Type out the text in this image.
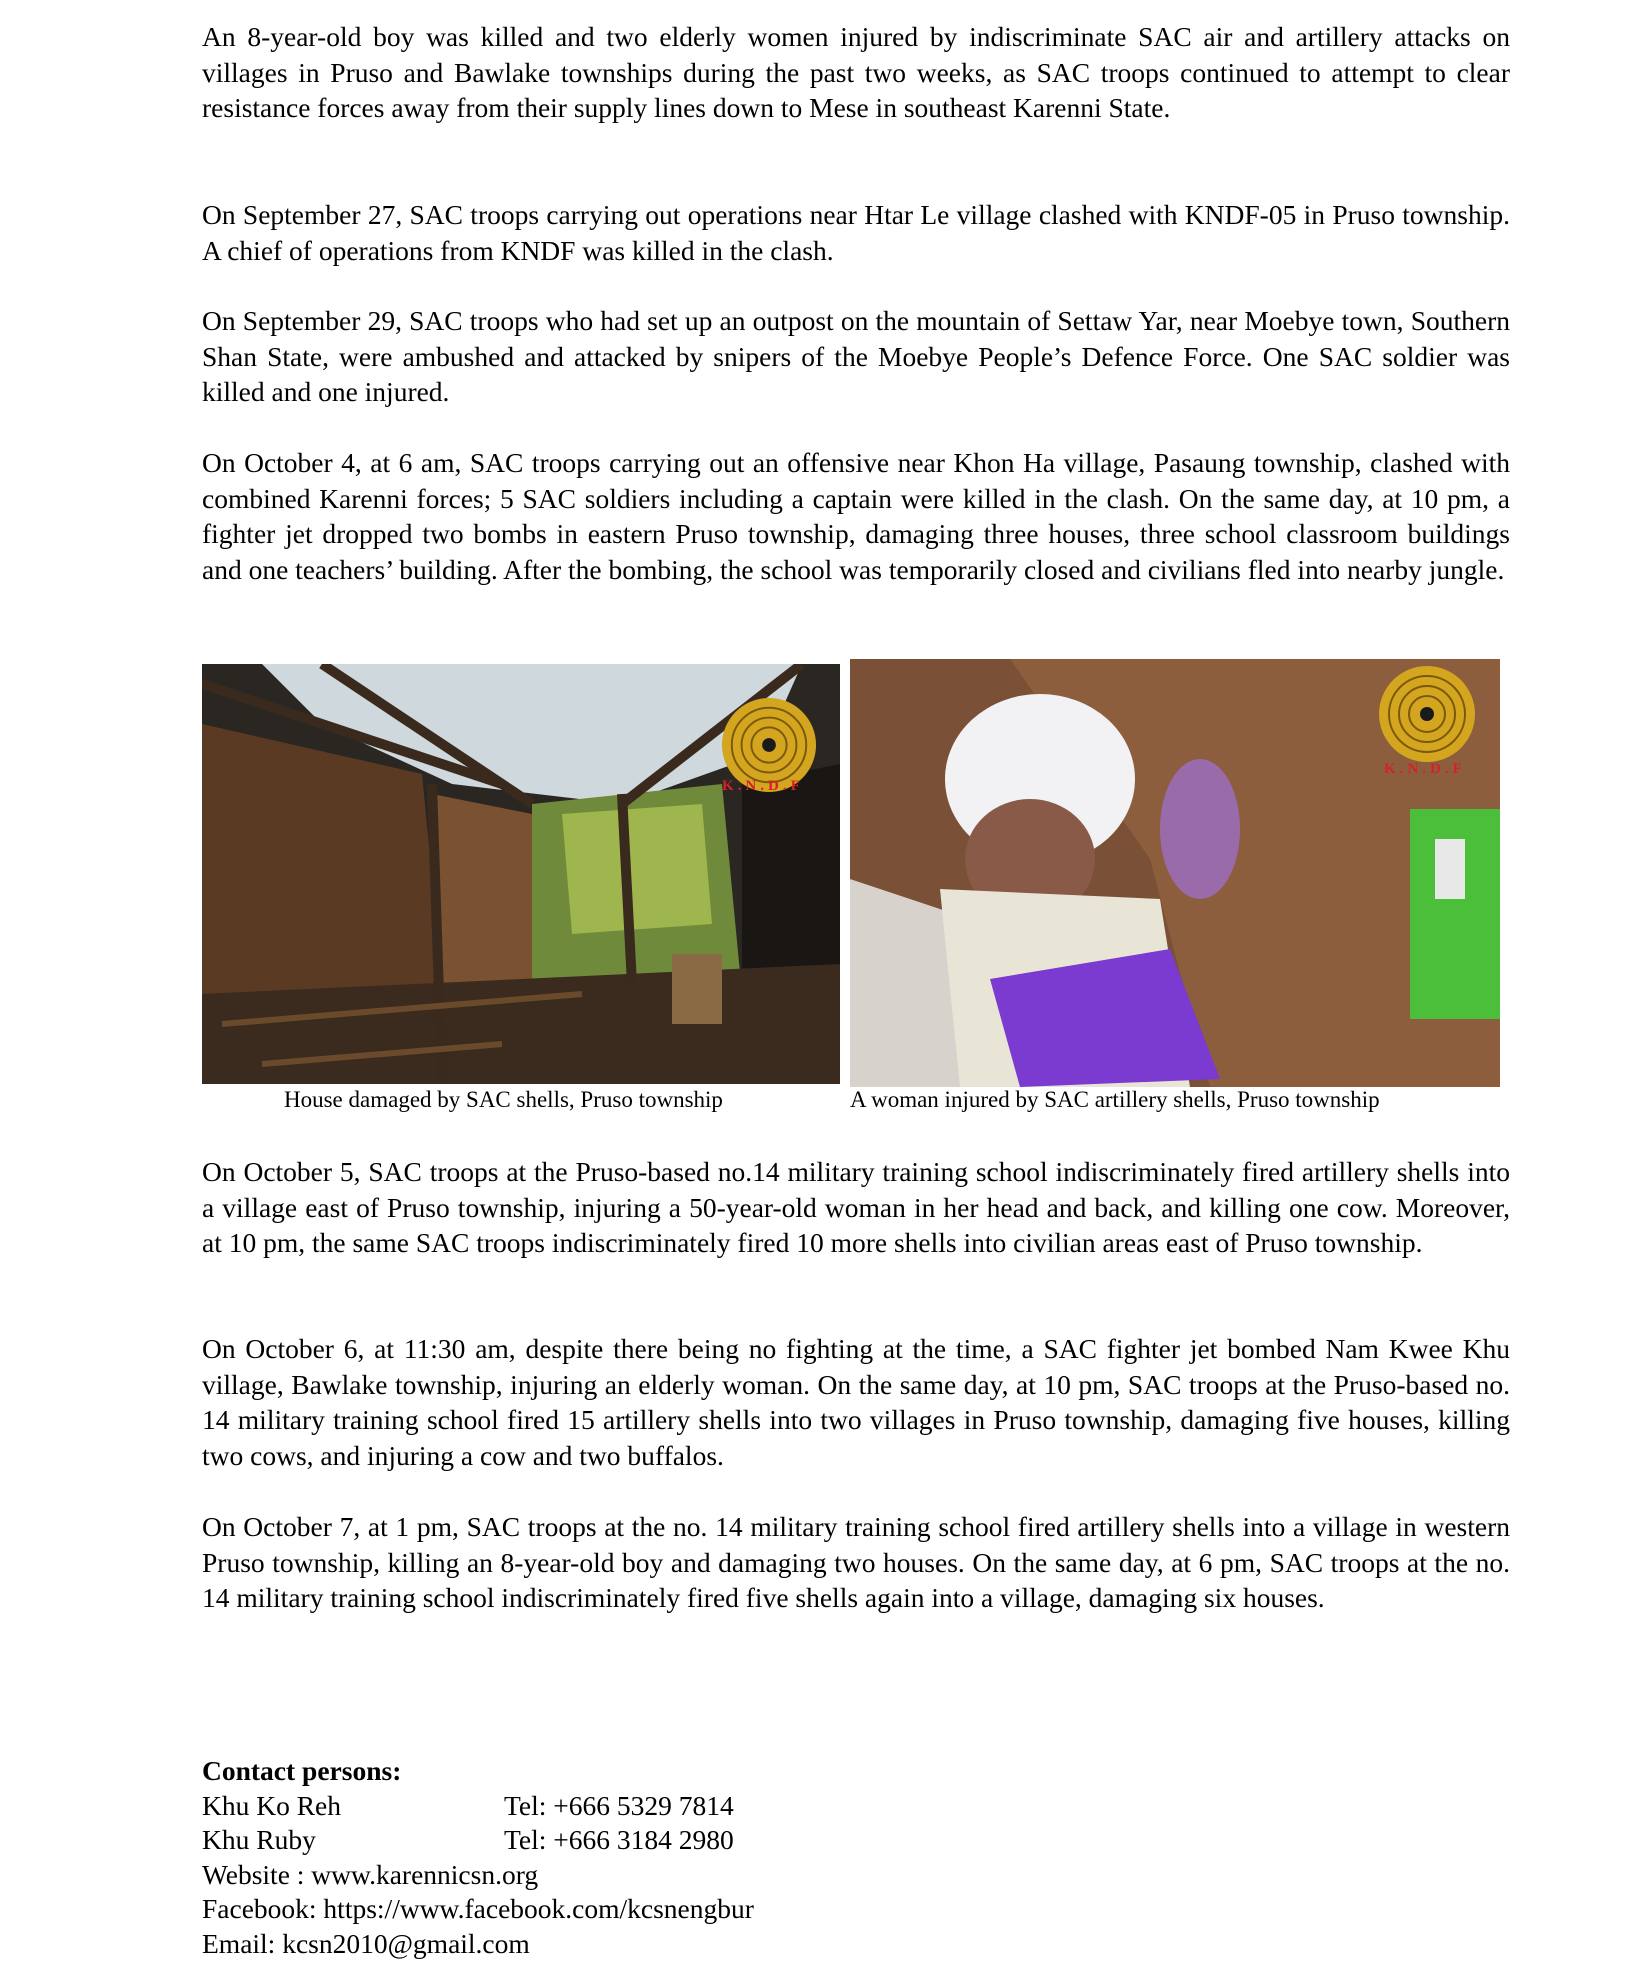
An 8-year-old boy was killed and two elderly women injured by indiscriminate SAC air and artillery attacks on villages in Pruso and Bawlake townships during the past two weeks, as SAC troops continued to attempt to clear resistance forces away from their supply lines down to Mese in southeast Karenni State.

On September 27, SAC troops carrying out operations near Htar Le village clashed with KNDF-05 in Pruso township. A chief of operations from KNDF was killed in the clash.

On September 29, SAC troops who had set up an outpost on the mountain of Settaw Yar, near Moebye town, Southern Shan State, were ambushed and attacked by snipers of the Moebye People’s Defence Force. One SAC soldier was killed and one injured.

On October 4, at 6 am, SAC troops carrying out an offensive near Khon Ha village, Pasaung township, clashed with combined Karenni forces; 5 SAC soldiers including a captain were killed in the clash. On the same day, at 10 pm, a fighter jet dropped two bombs in eastern Pruso township, damaging three houses, three school classroom buildings and one teachers’ building. After the bombing, the school was temporarily closed and civilians fled into nearby jungle.

K.N.D.F
K.N.D.F
House damaged by SAC shells, Pruso township	A woman injured by SAC artillery shells, Pruso township

On October 5, SAC troops at the Pruso-based no.14 military training school indiscriminately fired artillery shells into a village east of Pruso township, injuring a 50-year-old woman in her head and back, and killing one cow. Moreover, at 10 pm, the same SAC troops indiscriminately fired 10 more shells into civilian areas east of Pruso township.

On October 6, at 11:30 am, despite there being no fighting at the time, a SAC fighter jet bombed Nam Kwee Khu village, Bawlake township, injuring an elderly woman. On the same day, at 10 pm, SAC troops at the Pruso-based no. 14 military training school fired 15 artillery shells into two villages in Pruso township, damaging five houses, killing two cows, and injuring a cow and two buffalos.

On October 7, at 1 pm, SAC troops at the no. 14 military training school fired artillery shells into a village in western Pruso township, killing an 8-year-old boy and damaging two houses. On the same day, at 6 pm, SAC troops at the no. 14 military training school indiscriminately fired five shells again into a village, damaging six houses.

Contact persons:
Khu Ko Reh	Tel: +666 5329 7814
Khu Ruby	Tel: +666 3184 2980
Website : www.karennicsn.org
Facebook: https://www.facebook.com/kcsnengbur
Email: kcsn2010@gmail.com
